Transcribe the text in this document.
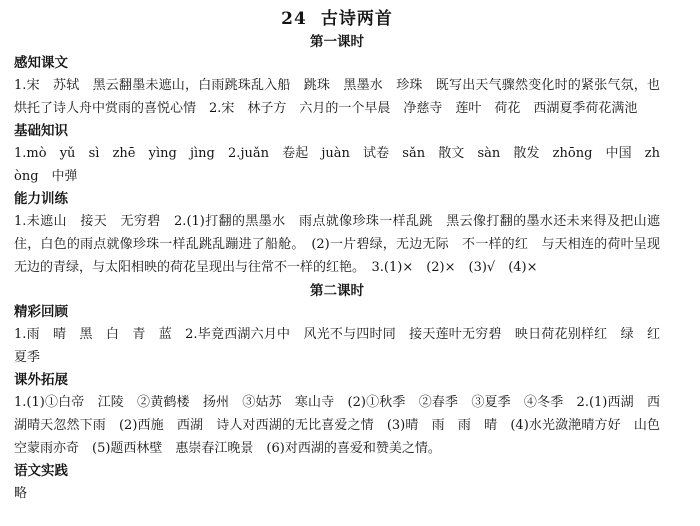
24 古诗两首
第一课时
感知课文
1.宋　苏轼　黑云翻墨未遮山，白雨跳珠乱入船　跳珠　黑墨水　珍珠　既写出天气骤然变化时的紧张气氛，也烘托了诗人舟中赏雨的喜悦心情　2.宋　林子方　六月的一个早晨　净慈寺　莲叶　荷花　西湖夏季荷花满池
基础知识
1.mò　yǔ　sì　zhē　yìng　jìng　2.juǎn　卷起　juàn　试卷　sǎn　散文　sàn　散发　zhōng　中国　zhòng　中弹
能力训练
1.未遮山　接天　无穷碧　2.(1)打翻的黑墨水　雨点就像珍珠一样乱跳　黑云像打翻的墨水还未来得及把山遮住，白色的雨点就像珍珠一样乱跳乱蹦进了船舱。　(2)一片碧绿，无边无际　不一样的红　与天相连的荷叶呈现无边的青绿，与太阳相映的荷花呈现出与往常不一样的红艳。　3.(1)×　(2)×　(3)√　(4)×
第二课时
精彩回顾
1.雨　晴　黑　白　青　蓝　2.毕竟西湖六月中　风光不与四时同　接天莲叶无穷碧　映日荷花别样红　绿　红　夏季
课外拓展
1.(1)①白帝　江陵　②黄鹤楼　扬州　③姑苏　寒山寺　(2)①秋季　②春季　③夏季　④冬季　2.(1)西湖　西湖晴天忽然下雨　(2)西施　西湖　诗人对西湖的无比喜爱之情　(3)晴　雨　雨　晴　(4)水光潋滟晴方好　山色空蒙雨亦奇　(5)题西林壁　惠崇春江晚景　(6)对西湖的喜爱和赞美之情。
语文实践
略
